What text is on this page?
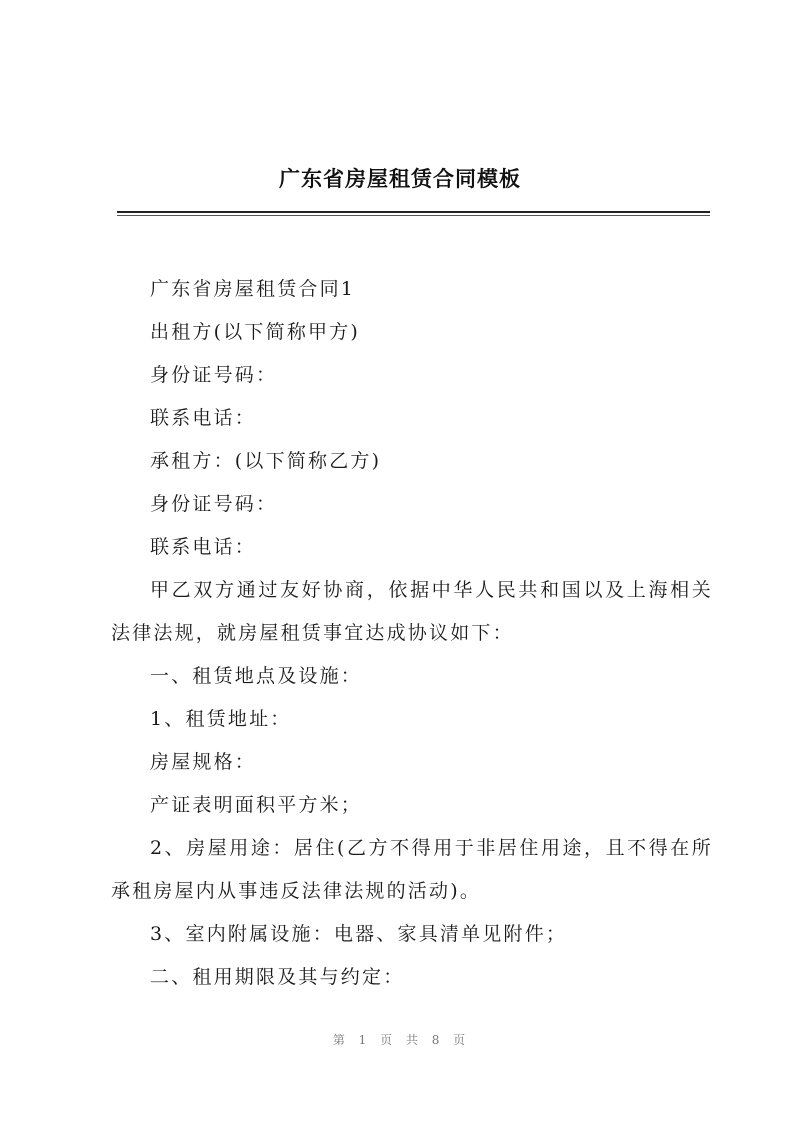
广东省房屋租赁合同模板

广东省房屋租赁合同1

出租方(以下简称甲方)

身份证号码：

联系电话：

承租方：(以下简称乙方)

身份证号码：

联系电话：

甲乙双方通过友好协商，依据中华人民共和国以及上海相关法律法规，就房屋租赁事宜达成协议如下：

一、租赁地点及设施：

1、租赁地址：

房屋规格：

产证表明面积平方米；

2、房屋用途：居住(乙方不得用于非居住用途，且不得在所承租房屋内从事违反法律法规的活动)。

3、室内附属设施：电器、家具清单见附件；

二、租用期限及其与约定：

第 1 页 共 8 页
